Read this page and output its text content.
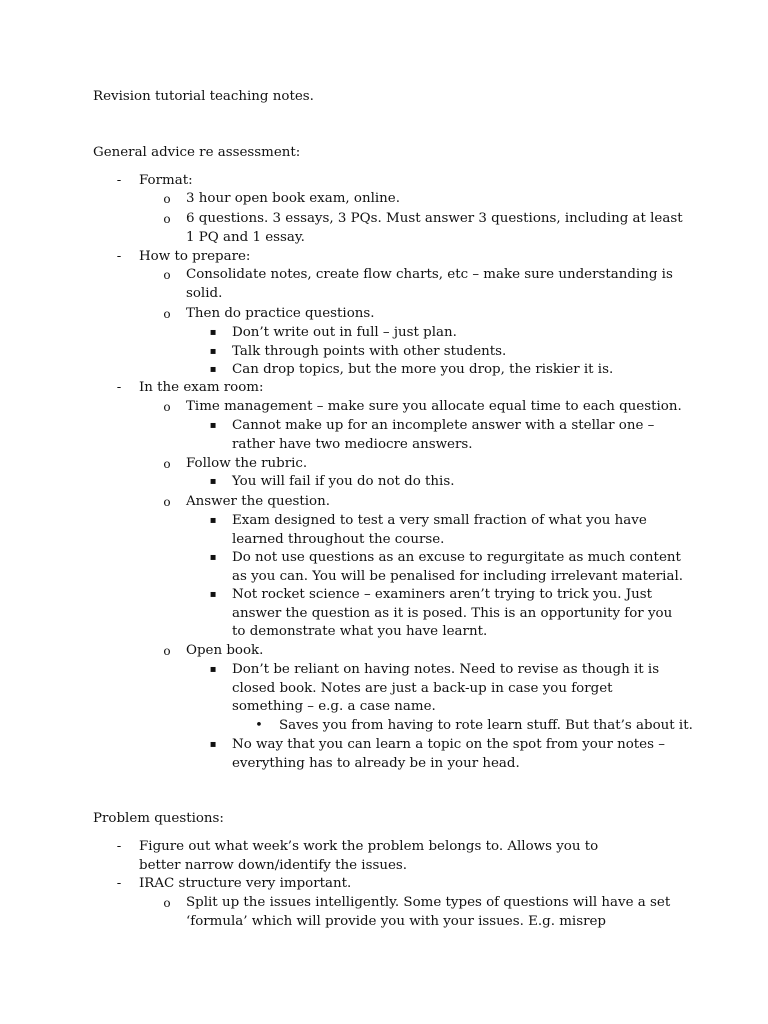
Revision tutorial teaching notes.
General advice re assessment:
- Format:
o 3 hour open book exam, online.
o 6 questions. 3 essays, 3 PQs. Must answer 3 questions, including at least 1 PQ and 1 essay.
- How to prepare:
o Consolidate notes, create flow charts, etc – make sure understanding is solid.
o Then do practice questions.
▪ Don’t write out in full – just plan.
▪ Talk through points with other students.
▪ Can drop topics, but the more you drop, the riskier it is.
- In the exam room:
o Time management – make sure you allocate equal time to each question.
▪ Cannot make up for an incomplete answer with a stellar one – rather have two mediocre answers.
o Follow the rubric.
▪ You will fail if you do not do this.
o Answer the question.
▪ Exam designed to test a very small fraction of what you have learned throughout the course.
▪ Do not use questions as an excuse to regurgitate as much content as you can. You will be penalised for including irrelevant material.
▪ Not rocket science – examiners aren’t trying to trick you. Just answer the question as it is posed. This is an opportunity for you to demonstrate what you have learnt.
o Open book.
▪ Don’t be reliant on having notes. Need to revise as though it is closed book. Notes are just a back-up in case you forget something – e.g. a case name.
• Saves you from having to rote learn stuff. But that’s about it.
▪ No way that you can learn a topic on the spot from your notes – everything has to already be in your head.
Problem questions:
- Figure out what week’s work the problem belongs to. Allows you to better narrow down/identify the issues.
- IRAC structure very important.
o Split up the issues intelligently. Some types of questions will have a set ‘formula’ which will provide you with your issues. E.g. misrep
